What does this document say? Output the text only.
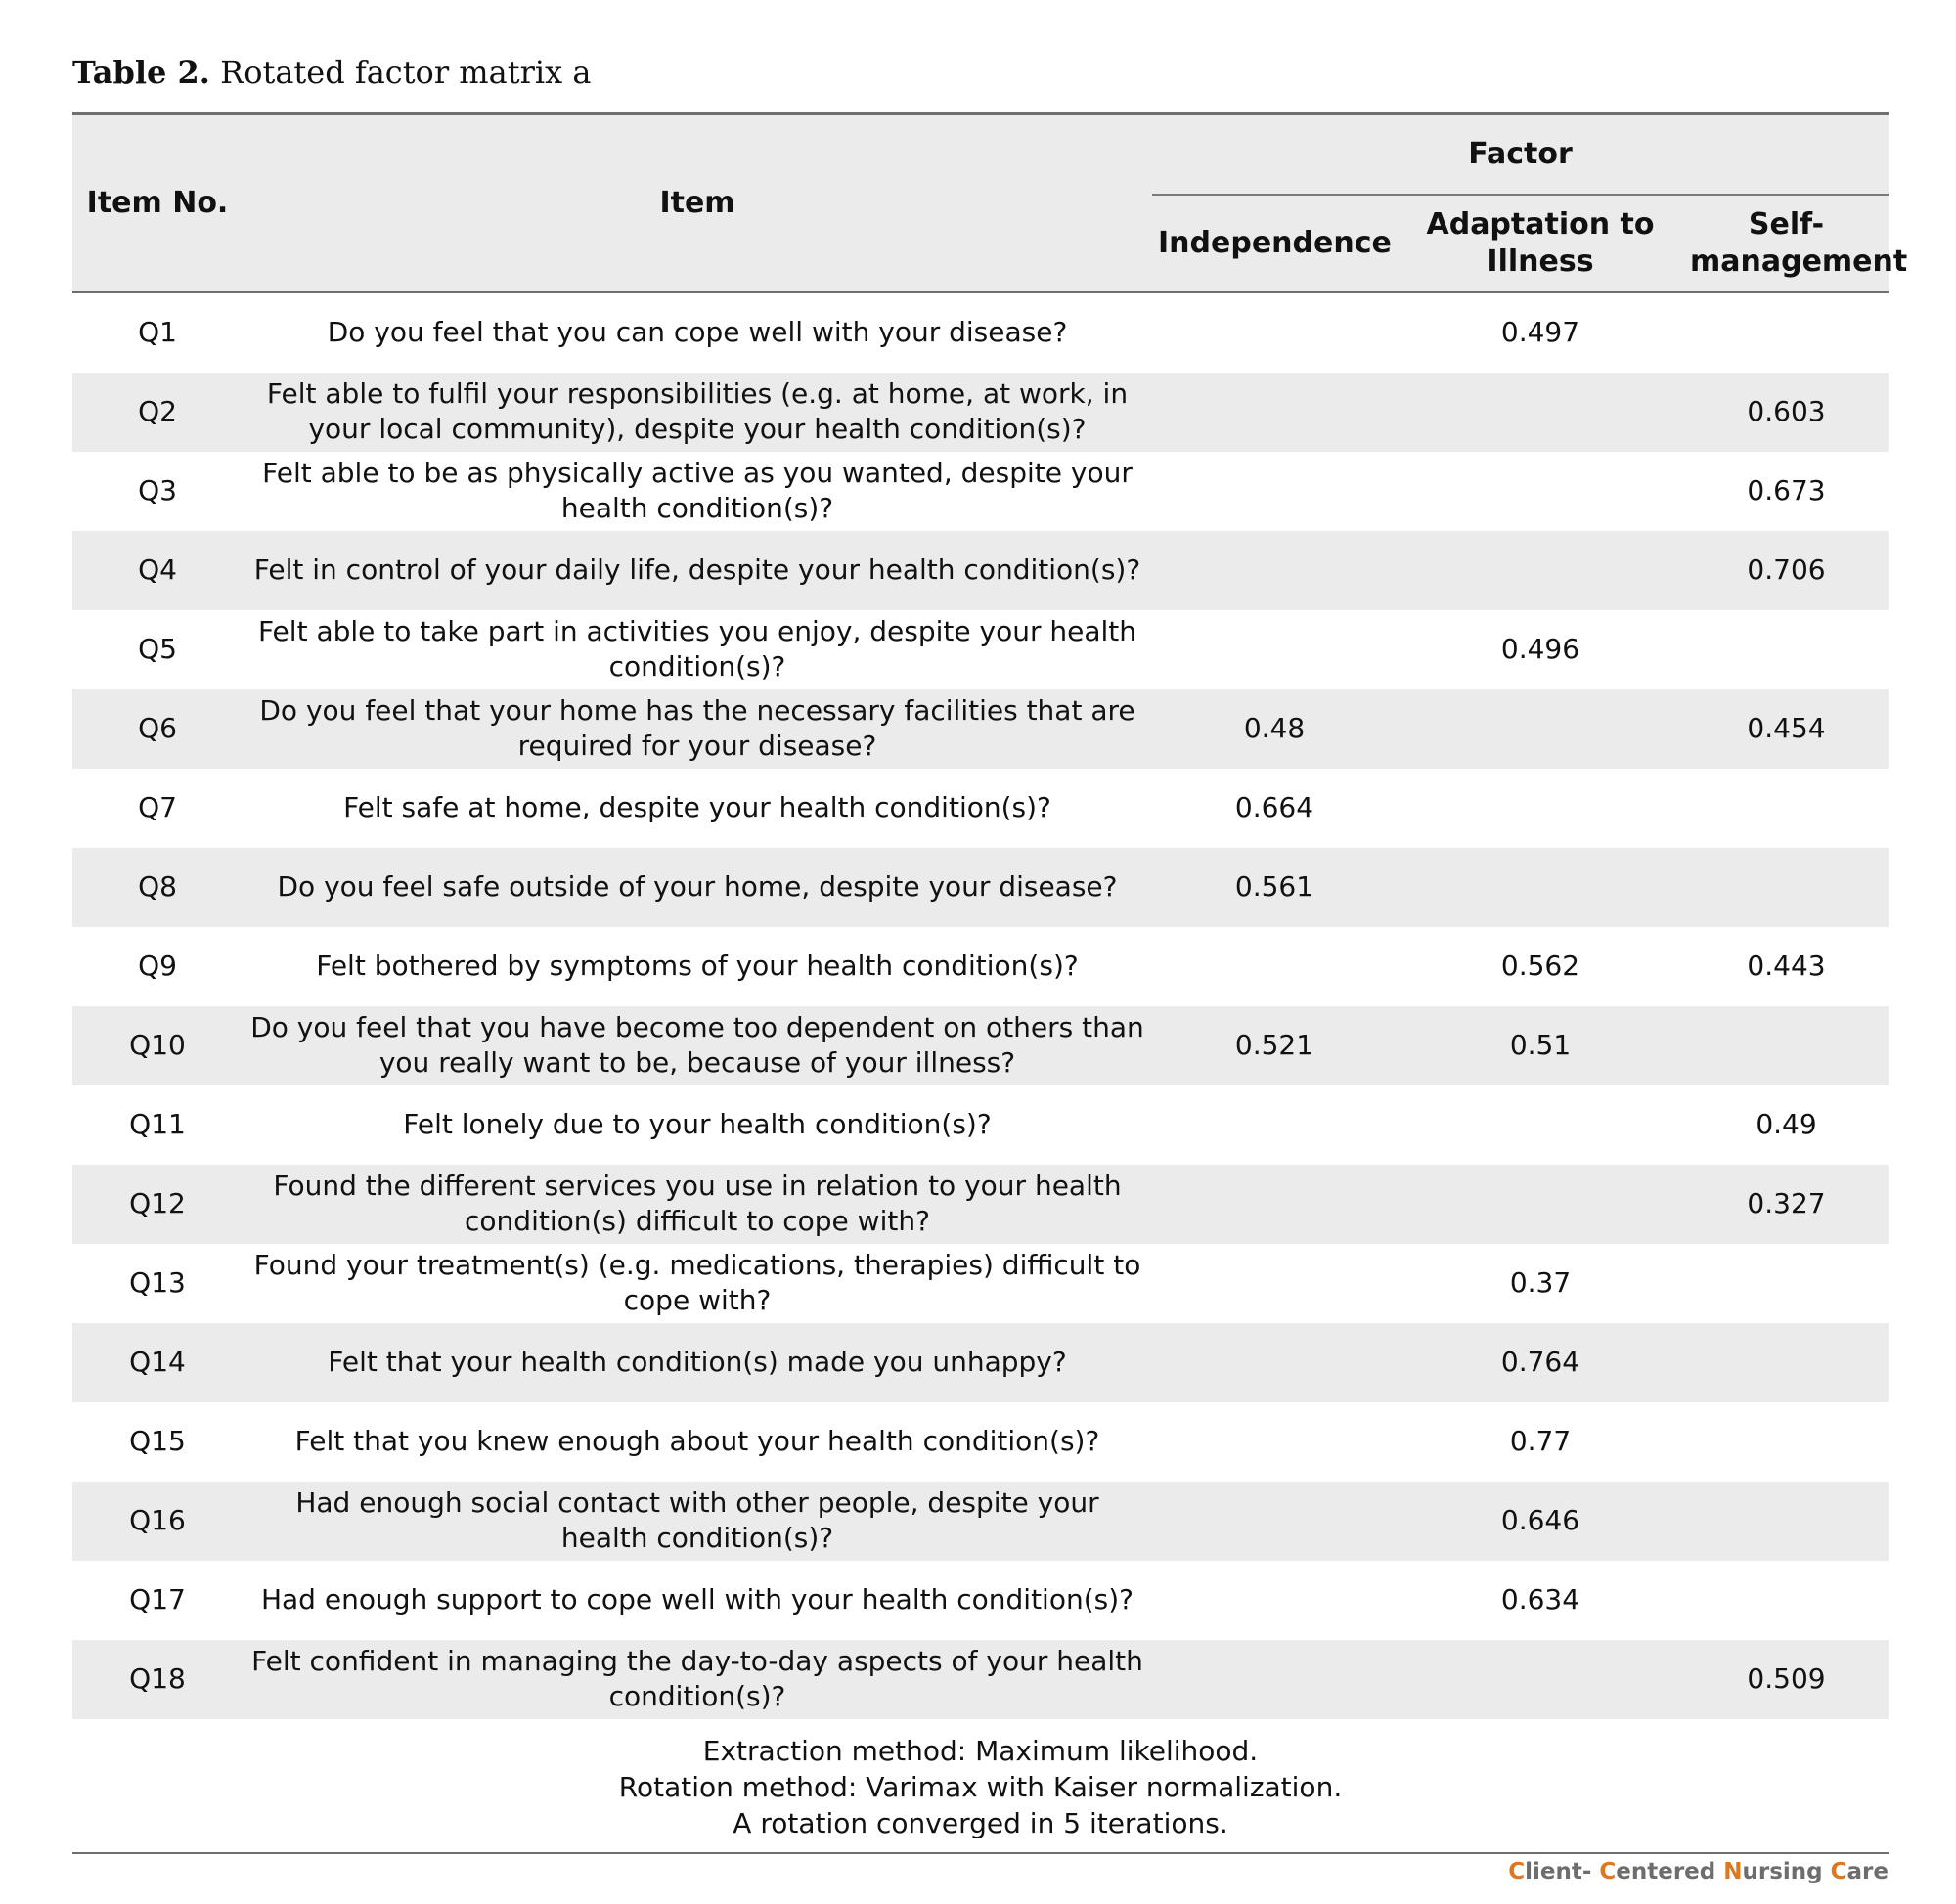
Table 2. Rotated factor matrix a
Item No.	Item	Factor		
		Independence	Adaptation to Illness	Self-management
Q1	Do you feel that you can cope well with your disease?		0.497	
Q2	Felt able to fulfil your responsibilities (e.g. at home, at work, in your local community), despite your health condition(s)?			0.603
Q3	Felt able to be as physically active as you wanted, despite your health condition(s)?			0.673
Q4	Felt in control of your daily life, despite your health condition(s)?			0.706
Q5	Felt able to take part in activities you enjoy, despite your health condition(s)?		0.496	
Q6	Do you feel that your home has the necessary facilities that are required for your disease?	0.48		0.454
Q7	Felt safe at home, despite your health condition(s)?	0.664		
Q8	Do you feel safe outside of your home, despite your disease?	0.561		
Q9	Felt bothered by symptoms of your health condition(s)?		0.562	0.443
Q10	Do you feel that you have become too dependent on others than you really want to be, because of your illness?	0.521	0.51	
Q11	Felt lonely due to your health condition(s)?			0.49
Q12	Found the different services you use in relation to your health condition(s) difficult to cope with?			0.327
Q13	Found your treatment(s) (e.g. medications, therapies) difficult to cope with?		0.37	
Q14	Felt that your health condition(s) made you unhappy?		0.764	
Q15	Felt that you knew enough about your health condition(s)?		0.77	
Q16	Had enough social contact with other people, despite your health condition(s)?		0.646	
Q17	Had enough support to cope well with your health condition(s)?		0.634	
Q18	Felt confident in managing the day-to-day aspects of your health condition(s)?			0.509

Extraction method: Maximum likelihood.
Rotation method: Varimax with Kaiser normalization.
A rotation converged in 5 iterations.				
Client- Centered Nursing Care
